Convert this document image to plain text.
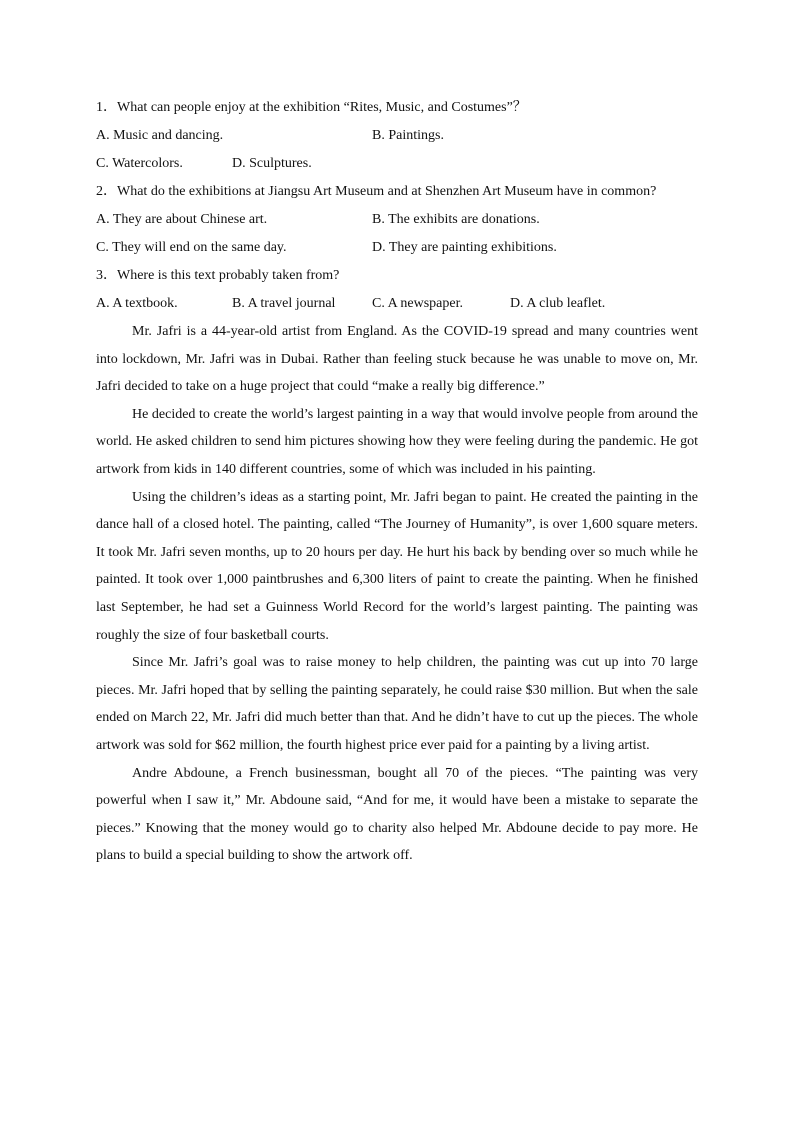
1．What can people enjoy at the exhibition “Rites, Music, and Costumes”？
A. Music and dancing.	B. Paintings.
C. Watercolors.	D. Sculptures.
2．What do the exhibitions at Jiangsu Art Museum and at Shenzhen Art Museum have in common?
A. They are about Chinese art.	B. The exhibits are donations.
C. They will end on the same day.	D. They are painting exhibitions.
3．Where is this text probably taken from?
A. A textbook.	B. A travel journal	C. A newspaper.	D. A club leaflet.

Mr. Jafri is a 44-year-old artist from England. As the COVID-19 spread and many countries went into lockdown, Mr. Jafri was in Dubai. Rather than feeling stuck because he was unable to move on, Mr. Jafri decided to take on a huge project that could “make a really big difference.”

He decided to create the world’s largest painting in a way that would involve people from around the world. He asked children to send him pictures showing how they were feeling during the pandemic. He got artwork from kids in 140 different countries, some of which was included in his painting.

Using the children’s ideas as a starting point, Mr. Jafri began to paint. He created the painting in the dance hall of a closed hotel. The painting, called “The Journey of Humanity”, is over 1,600 square meters. It took Mr. Jafri seven months, up to 20 hours per day. He hurt his back by bending over so much while he painted. It took over 1,000 paintbrushes and 6,300 liters of paint to create the painting. When he finished last September, he had set a Guinness World Record for the world’s largest painting. The painting was roughly the size of four basketball courts.

Since Mr. Jafri’s goal was to raise money to help children, the painting was cut up into 70 large pieces. Mr. Jafri hoped that by selling the painting separately, he could raise $30 million. But when the sale ended on March 22, Mr. Jafri did much better than that. And he didn’t have to cut up the pieces. The whole artwork was sold for $62 million, the fourth highest price ever paid for a painting by a living artist.

Andre Abdoune, a French businessman, bought all 70 of the pieces. “The painting was very powerful when I saw it,” Mr. Abdoune said, “And for me, it would have been a mistake to separate the pieces.” Knowing that the money would go to charity also helped Mr. Abdoune decide to pay more. He plans to build a special building to show the artwork off.
